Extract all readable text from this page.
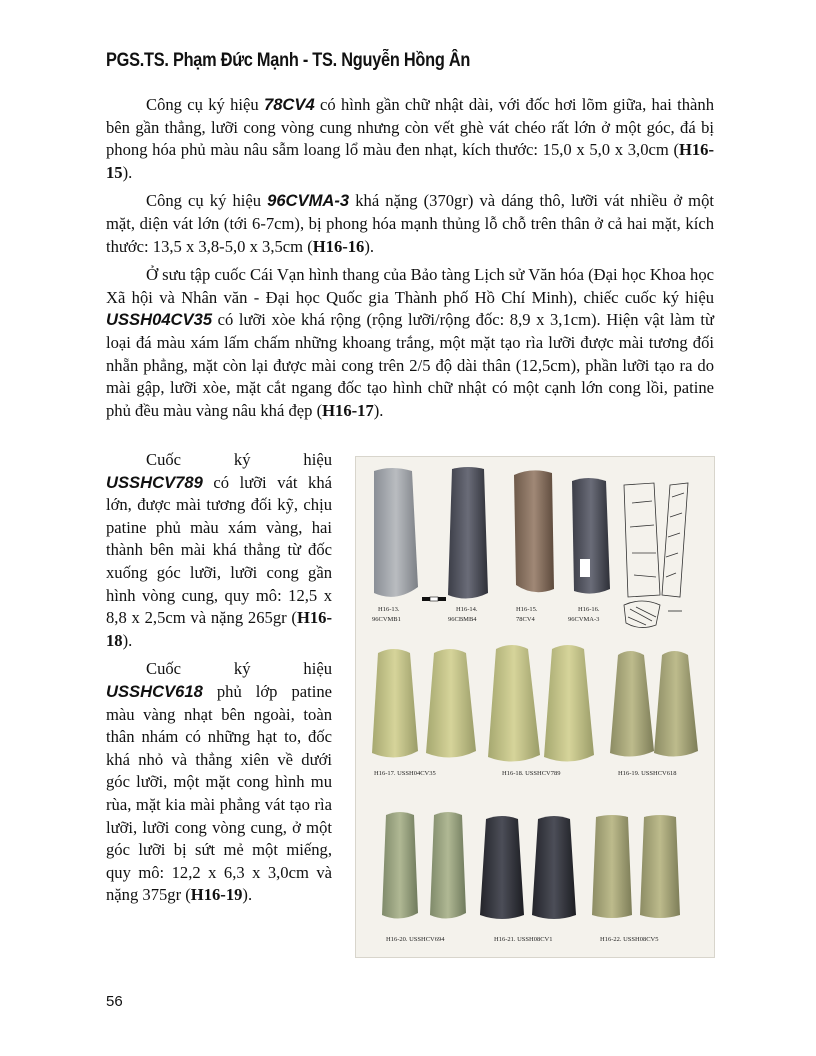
PGS.TS. Phạm Đức Mạnh - TS. Nguyễn Hồng Ân

Công cụ ký hiệu 78CV4 có hình gần chữ nhật dài, với đốc hơi lõm giữa, hai thành bên gần thẳng, lưỡi cong vòng cung nhưng còn vết ghè vát chéo rất lớn ở một góc, đá bị phong hóa phủ màu nâu sẫm loang lổ màu đen nhạt, kích thước: 15,0 x 5,0 x 3,0cm (H16-15).

Công cụ ký hiệu 96CVMA-3 khá nặng (370gr) và dáng thô, lưỡi vát nhiều ở một mặt, diện vát lớn (tới 6-7cm), bị phong hóa mạnh thủng lỗ chỗ trên thân ở cả hai mặt, kích thước: 13,5 x 3,8-5,0 x 3,5cm (H16-16).

Ở sưu tập cuốc Cái Vạn hình thang của Bảo tàng Lịch sử Văn hóa (Đại học Khoa học Xã hội và Nhân văn - Đại học Quốc gia Thành phố Hồ Chí Minh), chiếc cuốc ký hiệu USSH04CV35 có lưỡi xòe khá rộng (rộng lưỡi/rộng đốc: 8,9 x 3,1cm). Hiện vật làm từ loại đá màu xám lấm chấm những khoang trắng, một mặt tạo rìa lưỡi được mài tương đối nhẵn phẳng, mặt còn lại được mài cong trên 2/5 độ dài thân (12,5cm), phần lưỡi tạo ra do mài gập, lưỡi xòe, mặt cắt ngang đốc tạo hình chữ nhật có một cạnh lớn cong lồi, patine phủ đều màu vàng nâu khá đẹp (H16-17).

Cuốc ký hiệu USSHCV789 có lưỡi vát khá lớn, được mài tương đối kỹ, chịu patine phủ màu xám vàng, hai thành bên mài khá thẳng từ đốc xuống góc lưỡi, lưỡi cong gần hình vòng cung, quy mô: 12,5 x 8,8 x 2,5cm và nặng 265gr (H16-18).

Cuốc ký hiệu USSHCV618 phủ lớp patine màu vàng nhạt bên ngoài, toàn thân nhám có những hạt to, đốc khá nhỏ và thẳng xiên về dưới góc lưỡi, một mặt cong hình mu rùa, mặt kia mài phẳng vát tạo rìa lưỡi, lưỡi cong vòng cung, ở một góc lưỡi bị sứt mẻ một miếng, quy mô: 12,2 x 6,3 x 3,0cm và nặng 375gr (H16-19).

H16-13.
96CVMB1
H16-14.
96CBMB4
H16-15.
78CV4
H16-16.
96CVMA-3
H16-17. USSH04CV35	H16-18. USSHCV789	H16-19. USSHCV618
H16-20. USSHCV694	H16-21. USSH08CV1	H16-22. USSH08CV5
56
